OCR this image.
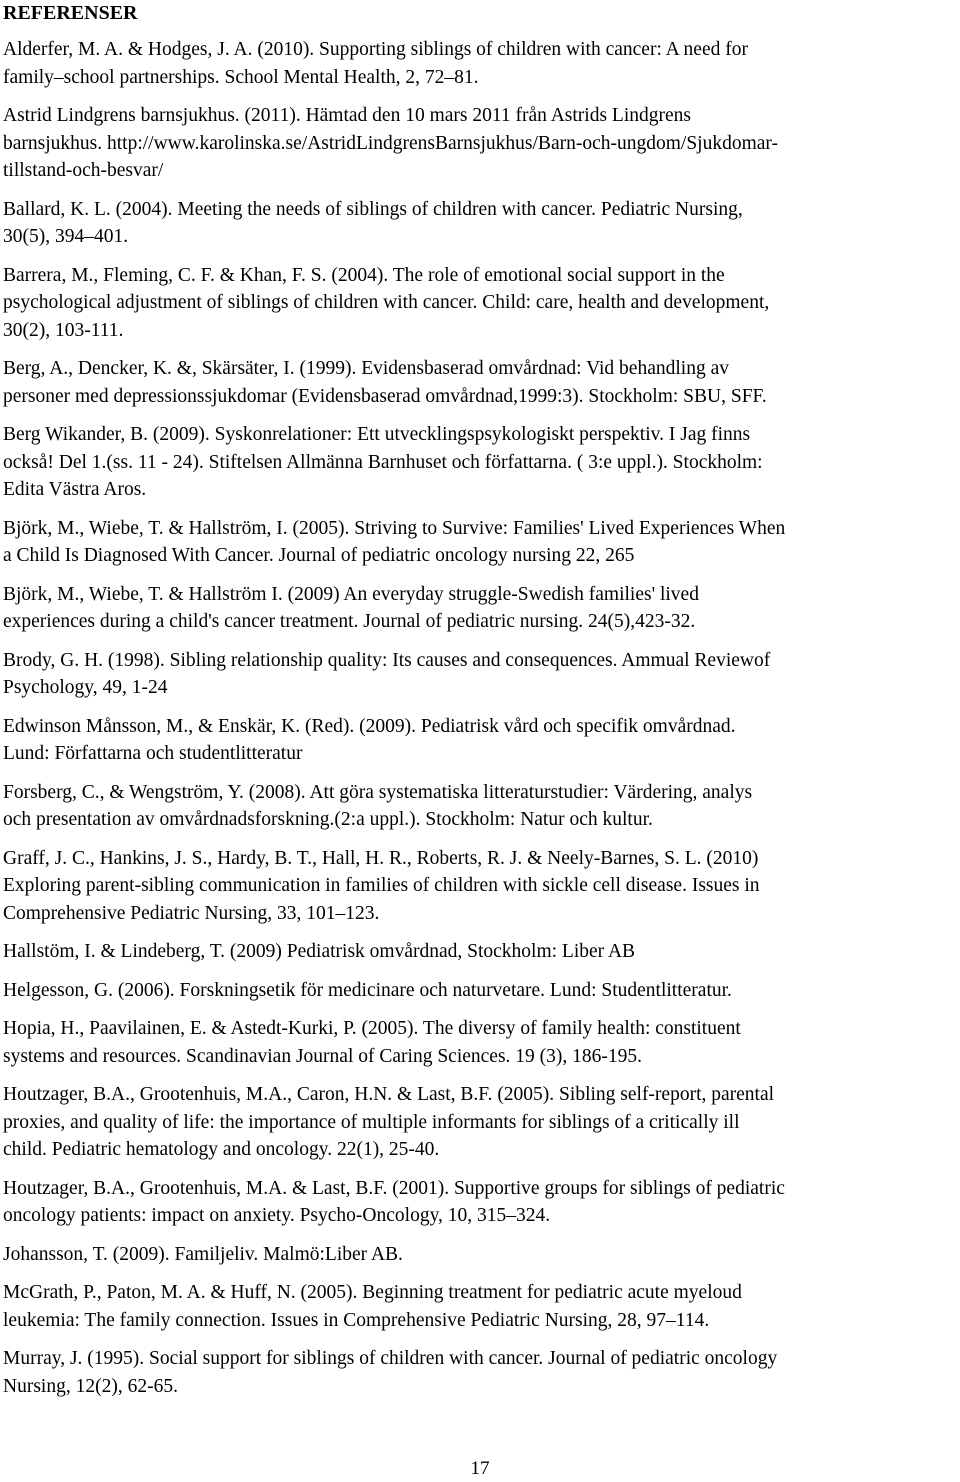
REFERENSER
Alderfer, M. A. & Hodges, J. A. (2010). Supporting siblings of children with cancer: A need for
family–school partnerships. School Mental Health, 2, 72–81.
Astrid Lindgrens barnsjukhus. (2011). Hämtad den 10 mars 2011 från Astrids Lindgrens
barnsjukhus. http://www.karolinska.se/AstridLindgrensBarnsjukhus/Barn-och-ungdom/Sjukdomar-
tillstand-och-besvar/
Ballard, K. L. (2004). Meeting the needs of siblings of children with cancer. Pediatric Nursing,
30(5), 394–401.
Barrera, M., Fleming, C. F. & Khan, F. S. (2004). The role of emotional social support in the
psychological adjustment of siblings of children with cancer. Child: care, health and development,
30(2), 103-111.
Berg, A., Dencker, K. &, Skärsäter, I. (1999). Evidensbaserad omvårdnad: Vid behandling av
personer med depressionssjukdomar (Evidensbaserad omvårdnad,1999:3). Stockholm: SBU, SFF.
Berg Wikander, B. (2009). Syskonrelationer: Ett utvecklingspsykologiskt perspektiv. I Jag finns
också! Del 1.(ss. 11 - 24). Stiftelsen Allmänna Barnhuset och författarna. ( 3:e uppl.). Stockholm:
Edita Västra Aros.
Björk, M., Wiebe, T. & Hallström, I. (2005). Striving to Survive: Families' Lived Experiences When
a Child Is Diagnosed With Cancer. Journal of pediatric oncology nursing 22, 265
Björk, M., Wiebe, T. & Hallström I. (2009) An everyday struggle-Swedish families' lived
experiences during a child's cancer treatment. Journal of pediatric nursing. 24(5),423-32.
Brody, G. H. (1998). Sibling relationship quality: Its causes and consequences. Ammual Reviewof
Psychology, 49, 1-24
Edwinson Månsson, M., & Enskär, K. (Red). (2009). Pediatrisk vård och specifik omvårdnad.
Lund: Författarna och studentlitteratur
Forsberg, C., & Wengström, Y. (2008). Att göra systematiska litteraturstudier: Värdering, analys
och presentation av omvårdnadsforskning.(2:a uppl.). Stockholm: Natur och kultur.
Graff, J. C., Hankins, J. S., Hardy, B. T., Hall, H. R., Roberts, R. J. & Neely-Barnes, S. L. (2010)
Exploring parent-sibling communication in families of children with sickle cell disease. Issues in
Comprehensive Pediatric Nursing, 33, 101–123.
Hallstöm, I. & Lindeberg, T. (2009) Pediatrisk omvårdnad, Stockholm: Liber AB
Helgesson, G. (2006). Forskningsetik för medicinare och naturvetare. Lund: Studentlitteratur.
Hopia, H., Paavilainen, E. & Astedt-Kurki, P. (2005). The diversy of family health: constituent
systems and resources. Scandinavian Journal of Caring Sciences. 19 (3), 186-195.
Houtzager, B.A., Grootenhuis, M.A., Caron, H.N. & Last, B.F. (2005). Sibling self-report, parental
proxies, and quality of life: the importance of multiple informants for siblings of a critically ill
child. Pediatric hematology and oncology. 22(1), 25-40.
Houtzager, B.A., Grootenhuis, M.A. & Last, B.F. (2001). Supportive groups for siblings of pediatric
oncology patients: impact on anxiety. Psycho-Oncology, 10, 315–324.
Johansson, T. (2009). Familjeliv. Malmö:Liber AB.
McGrath, P., Paton, M. A. & Huff, N. (2005). Beginning treatment for pediatric acute myeloud
leukemia: The family connection. Issues in Comprehensive Pediatric Nursing, 28, 97–114.
Murray, J. (1995). Social support for siblings of children with cancer. Journal of pediatric oncology
Nursing, 12(2), 62-65.
17
